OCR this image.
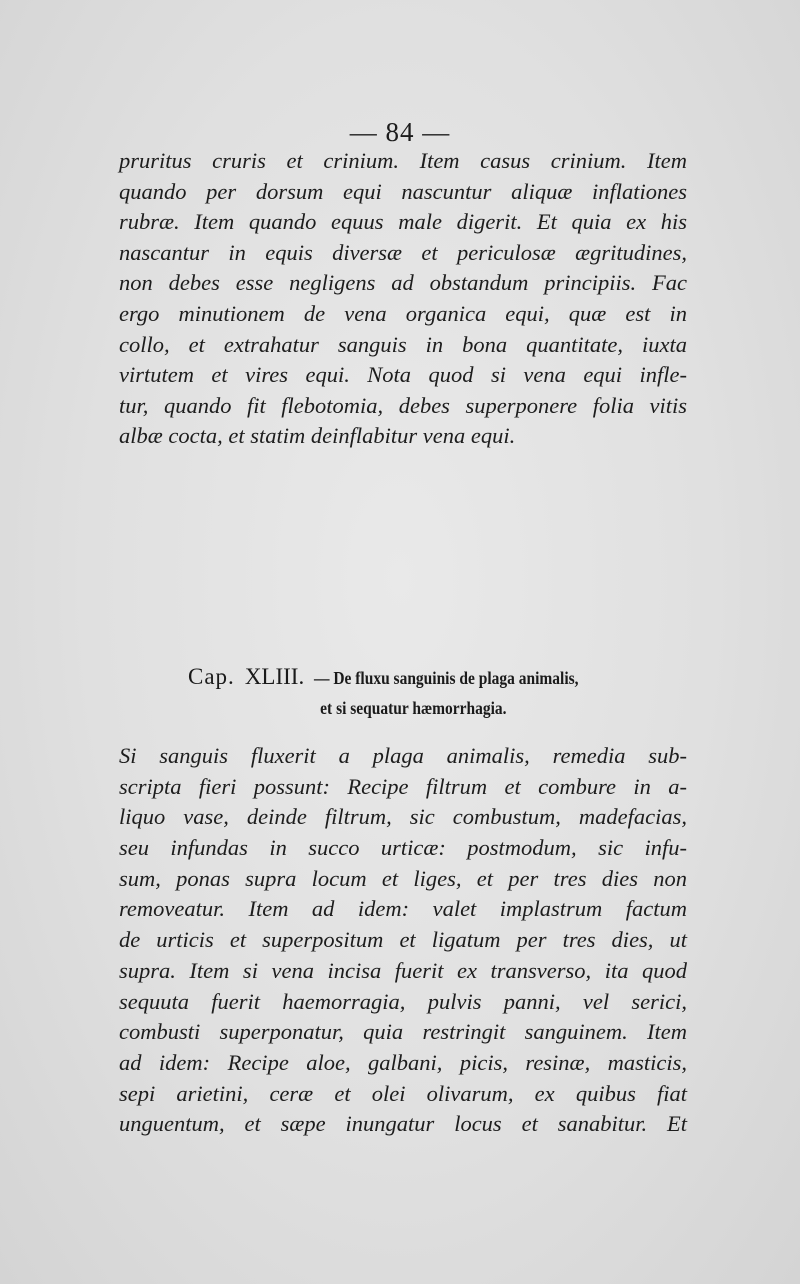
— 84 —
pruritus cruris et crinium. Item casus crinium. Item
quando per dorsum equi nascuntur aliquæ inflationes
rubræ. Item quando equus male digerit. Et quia ex his
nascantur in equis diversæ et periculosæ ægritudines,
non debes esse negligens ad obstandum principiis. Fac
ergo minutionem de vena organica equi, quæ est in
collo, et extrahatur sanguis in bona quantitate, iuxta
virtutem et vires equi. Nota quod si vena equi infle-
tur, quando fit flebotomia, debes superponere folia vitis
albæ cocta, et statim deinflabitur vena equi.
Cap. XLIII. — De fluxu sanguinis de plaga animalis,
et si sequatur hæmorrhagia.
Si sanguis fluxerit a plaga animalis, remedia sub-
scripta fieri possunt: Recipe filtrum et combure in a-
liquo vase, deinde filtrum, sic combustum, madefacias,
seu infundas in succo urticæ: postmodum, sic infu-
sum, ponas supra locum et liges, et per tres dies non
removeatur. Item ad idem: valet implastrum factum
de urticis et superpositum et ligatum per tres dies, ut
supra. Item si vena incisa fuerit ex transverso, ita quod
sequuta fuerit haemorragia, pulvis panni, vel serici,
combusti superponatur, quia restringit sanguinem. Item
ad idem: Recipe aloe, galbani, picis, resinæ, masticis,
sepi arietini, ceræ et olei olivarum, ex quibus fiat
unguentum, et sæpe inungatur locus et sanabitur. Et
